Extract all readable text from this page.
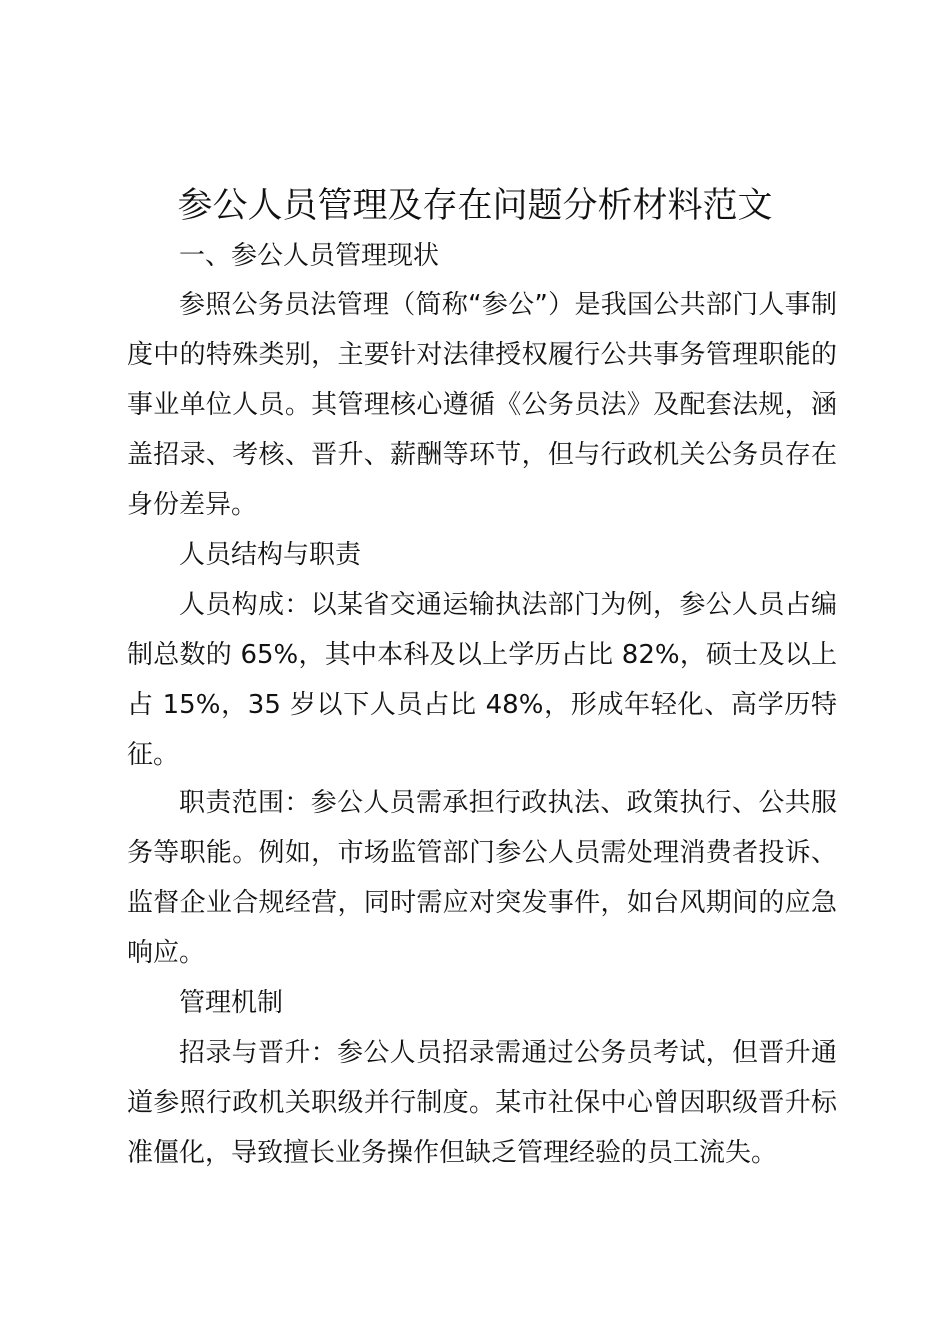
参公人员管理及存在问题分析材料范文

一、参公人员管理现状

参照公务员法管理（简称“参公”）是我国公共部门人事制度中的特殊类别，主要针对法律授权履行公共事务管理职能的事业单位人员。其管理核心遵循《公务员法》及配套法规，涵盖招录、考核、晋升、薪酬等环节，但与行政机关公务员存在身份差异。

人员结构与职责

人员构成：以某省交通运输执法部门为例，参公人员占编制总数的 65%，其中本科及以上学历占比 82%，硕士及以上占 15%，35 岁以下人员占比 48%，形成年轻化、高学历特征。

职责范围：参公人员需承担行政执法、政策执行、公共服务等职能。例如，市场监管部门参公人员需处理消费者投诉、监督企业合规经营，同时需应对突发事件，如台风期间的应急响应。

管理机制

招录与晋升：参公人员招录需通过公务员考试，但晋升通道参照行政机关职级并行制度。某市社保中心曾因职级晋升标准僵化，导致擅长业务操作但缺乏管理经验的员工流失。
